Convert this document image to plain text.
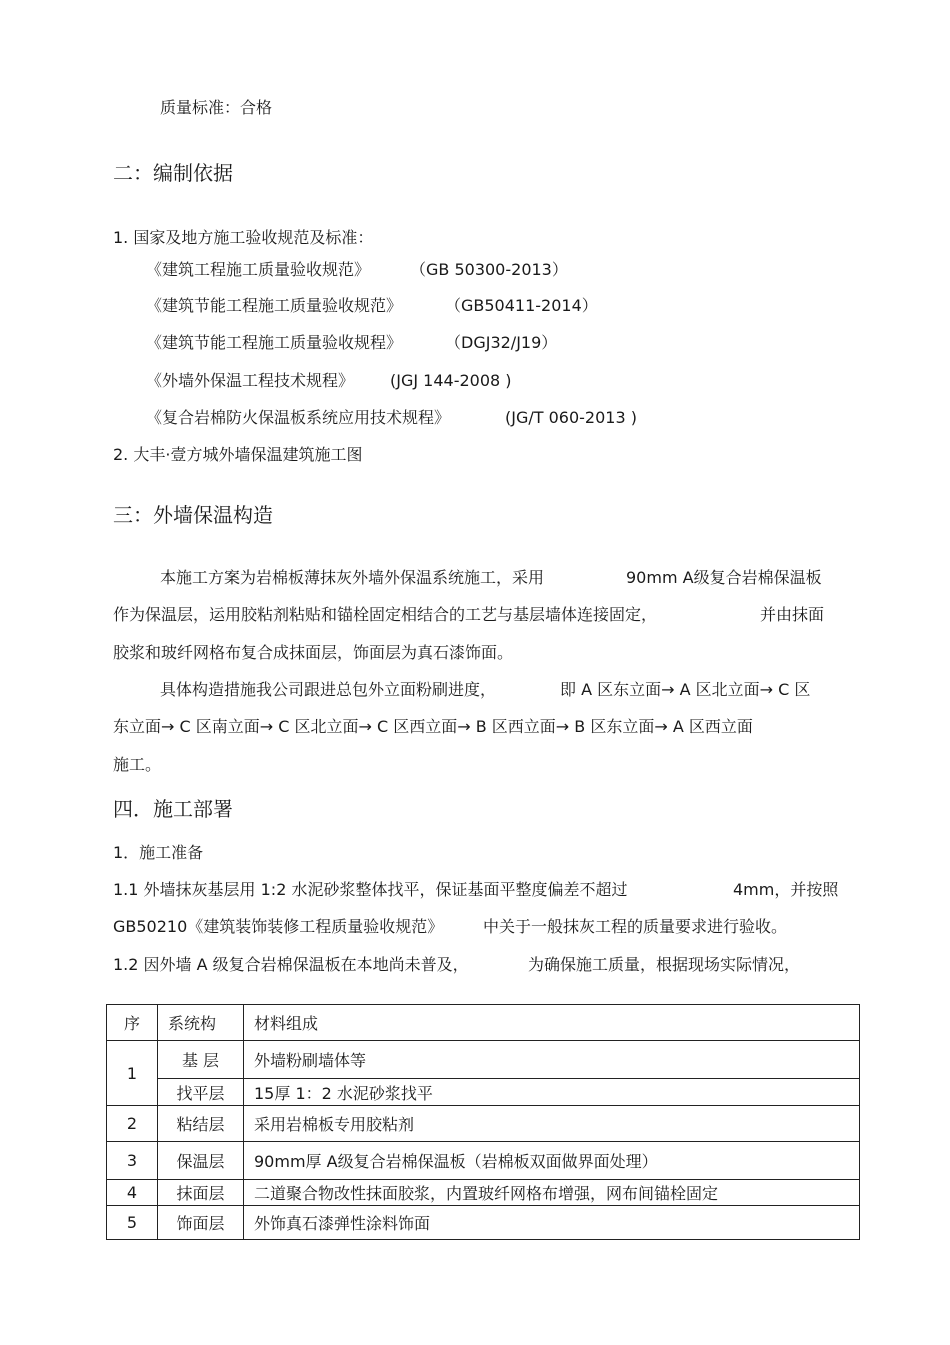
质量标准：合格
二：编制依据
1. 国家及地方施工验收规范及标准：
《建筑工程施工质量验收规范》 （GB 50300-2013）
《建筑节能工程施工质量验收规范》	（GB50411-2014）
《建筑节能工程施工质量验收规程》	（DGJ32/J19）
《外墙外保温工程技术规程》 (JGJ 144-2008 )
《复合岩棉防火保温板系统应用技术规程》	(JG/T 060-2013 )
2. 大丰·壹方城外墙保温建筑施工图
三：外墙保温构造
本施工方案为岩棉板薄抹灰外墙外保温系统施工，采用	90mm A级复合岩棉保温板
作为保温层，运用胶粘剂粘贴和锚栓固定相结合的工艺与基层墙体连接固定，	并由抹面
胶浆和玻纤网格布复合成抹面层，饰面层为真石漆饰面。
具体构造措施我公司跟进总包外立面粉刷进度，	即 A 区东立面→ A 区北立面→ C 区
东立面→ C 区南立面→ C 区北立面→ C 区西立面→ B 区西立面→ B 区东立面→ A 区西立面
施工。
四．施工部署
1．施工准备
1.1 外墙抹灰基层用 1:2 水泥砂浆整体找平，保证基面平整度偏差不超过	4mm，并按照
GB50210《建筑装饰装修工程质量验收规范》 中关于一般抹灰工程的质量要求进行验收。
1.2 因外墙 A 级复合岩棉保温板在本地尚未普及，	为确保施工质量，根据现场实际情况，
序	系统构	材料组成
1	基 层	外墙粉刷墙体等
	找平层	15厚 1：2 水泥砂浆找平
2	粘结层	采用岩棉板专用胶粘剂
3	保温层	90mm厚 A级复合岩棉保温板（岩棉板双面做界面处理）
4	抹面层	二道聚合物改性抹面胶浆，内置玻纤网格布增强，网布间锚栓固定
5	饰面层	外饰真石漆弹性涂料饰面
